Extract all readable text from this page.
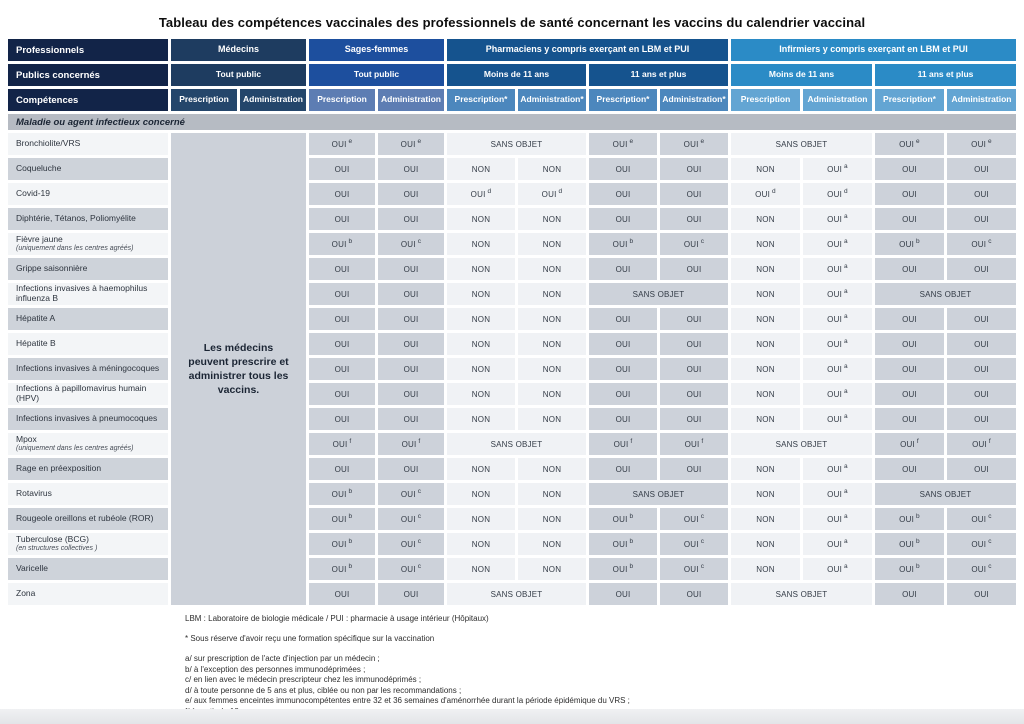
Tableau des compétences vaccinales des professionnels de santé concernant les vaccins du calendrier vaccinal
Professionnels	Médecins	Sages-femmes	Pharmaciens y compris exerçant en LBM et PUI	Infirmiers y compris exerçant en LBM et PUI
Publics concernés	Tout public	Tout public	Moins de 11 ans	11 ans et plus	Moins de 11 ans	11 ans et plus
Compétences	Prescription	Administration	Prescription	Administration	Prescription*	Administration*	Prescription*	Administration*	Prescription	Administration	Prescription*	Administration
Maladie ou agent infectieux concerné
Les médecins peuvent prescrire et administrer tous les vaccins.
Bronchiolite/VRS	OUI e	OUI e	SANS OBJET	OUI e	OUI e	SANS OBJET	OUI e	OUI e
Coqueluche	OUI	OUI	NON	NON	OUI	OUI	NON	OUI a	OUI	OUI
Covid-19	OUI	OUI	OUI d	OUI d	OUI	OUI	OUI d	OUI d	OUI	OUI
Diphtérie, Tétanos, Poliomyélite	OUI	OUI	NON	NON	OUI	OUI	NON	OUI a	OUI	OUI
Fièvre jaune
(uniquement dans les centres agréés)	OUI b	OUI c	NON	NON	OUI b	OUI c	NON	OUI a	OUI b	OUI c
Grippe saisonnière	OUI	OUI	NON	NON	OUI	OUI	NON	OUI a	OUI	OUI
Infections invasives à haemophilus influenza B	OUI	OUI	NON	NON	SANS OBJET	NON	OUI a	SANS OBJET
Hépatite A	OUI	OUI	NON	NON	OUI	OUI	NON	OUI a	OUI	OUI
Hépatite B	OUI	OUI	NON	NON	OUI	OUI	NON	OUI a	OUI	OUI
Infections invasives à méningocoques	OUI	OUI	NON	NON	OUI	OUI	NON	OUI a	OUI	OUI
Infections à papillomavirus humain (HPV)	OUI	OUI	NON	NON	OUI	OUI	NON	OUI a	OUI	OUI
Infections invasives à pneumocoques	OUI	OUI	NON	NON	OUI	OUI	NON	OUI a	OUI	OUI
Mpox
(uniquement dans les centres agréés)	OUI f	OUI f	SANS OBJET	OUI f	OUI f	SANS OBJET	OUI f	OUI f
Rage en préexposition	OUI	OUI	NON	NON	OUI	OUI	NON	OUI a	OUI	OUI
Rotavirus	OUI b	OUI c	NON	NON	SANS OBJET	NON	OUI a	SANS OBJET
Rougeole oreillons et rubéole (ROR)	OUI b	OUI c	NON	NON	OUI b	OUI c	NON	OUI a	OUI b	OUI c
Tuberculose (BCG)
(en structures collectives )	OUI b	OUI c	NON	NON	OUI b	OUI c	NON	OUI a	OUI b	OUI c
Varicelle	OUI b	OUI c	NON	NON	OUI b	OUI c	NON	OUI a	OUI b	OUI c
Zona	OUI	OUI	SANS OBJET	OUI	OUI	SANS OBJET	OUI	OUI
LBM : Laboratoire de biologie médicale / PUI : pharmacie à usage intérieur (Hôpitaux)
* Sous réserve d'avoir reçu une formation spécifique sur la vaccination
a/ sur prescription de l'acte d'injection par un médecin ;
b/ à l'exception des personnes immunodéprimées ;
c/ en lien avec le médecin prescripteur chez les immunodéprimés ;
d/ à toute personne de 5 ans et plus, ciblée ou non par les recommandations ;
e/ aux femmes enceintes immunocompétentes entre 32 et 36 semaines d'aménorrhée durant la période épidémique du VRS ;
